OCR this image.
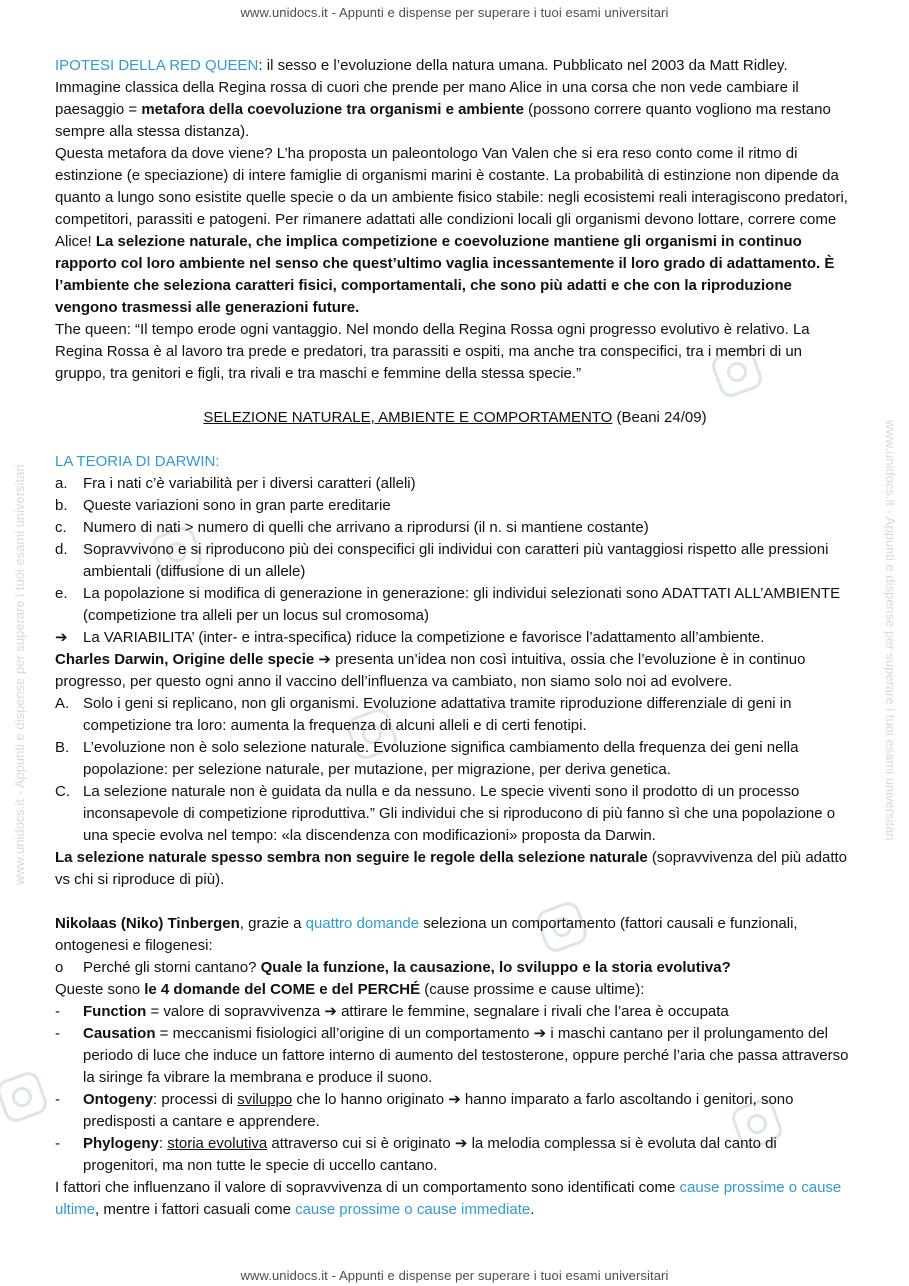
www.unidocs.it - Appunti e dispense per superare i tuoi esami universitari
www.unidocs.it - Appunti e dispense per superare i tuoi esami universitari	www.unidocs.it - Appunti e dispense per superare i tuoi esami universitari

IPOTESI DELLA RED QUEEN: il sesso e l’evoluzione della natura umana. Pubblicato nel 2003 da Matt Ridley.

Immagine classica della Regina rossa di cuori che prende per mano Alice in una corsa che non vede cambiare il

paesaggio = metafora della coevoluzione tra organismi e ambiente (possono correre quanto vogliono ma restano

sempre alla stessa distanza).

Questa metafora da dove viene? L’ha proposta un paleontologo Van Valen che si era reso conto come il ritmo di estinzione (e speciazione) di intere famiglie di organismi marini è costante. La probabilità di estinzione non dipende da quanto a lungo sono esistite quelle specie o da un ambiente fisico stabile: negli ecosistemi reali interagiscono predatori, competitori, parassiti e patogeni. Per rimanere adattati alle condizioni locali gli organismi devono lottare, correre come Alice! La selezione naturale, che implica competizione e coevoluzione mantiene gli organismi in continuo rapporto col loro ambiente nel senso che quest’ultimo vaglia incessantemente il loro grado di adattamento. È l’ambiente che seleziona caratteri fisici, comportamentali, che sono più adatti e che con la riproduzione vengono trasmessi alle generazioni future.

The queen: “Il tempo erode ogni vantaggio. Nel mondo della Regina Rossa ogni progresso evolutivo è relativo. La Regina Rossa è al lavoro tra prede e predatori, tra parassiti e ospiti, ma anche tra conspecifici, tra i membri di un gruppo, tra genitori e figli, tra rivali e tra maschi e femmine della stessa specie.”

SELEZIONE NATURALE, AMBIENTE E COMPORTAMENTO (Beani 24/09)

LA TEORIA DI DARWIN:

a. Fra i nati c’è variabilità per i diversi caratteri (alleli)
b. Queste variazioni sono in gran parte ereditarie
c. Numero di nati > numero di quelli che arrivano a riprodursi (il n. si mantiene costante)
d. Sopravvivono e si riproducono più dei conspecifici gli individui con caratteri più vantaggiosi rispetto alle pressioni ambientali (diffusione di un allele)
e. La popolazione si modifica di generazione in generazione: gli individui selezionati sono ADATTATI ALL’AMBIENTE (competizione tra alleli per un locus sul cromosoma)
➔ La VARIABILITA’ (inter- e intra-specifica) riduce la competizione e favorisce l’adattamento all’ambiente.

Charles Darwin, Origine delle specie ➔ presenta un’idea non così intuitiva, ossia che l’evoluzione è in continuo progresso, per questo ogni anno il vaccino dell’influenza va cambiato, non siamo solo noi ad evolvere.

A. Solo i geni si replicano, non gli organismi. Evoluzione adattativa tramite riproduzione differenziale di geni in competizione tra loro: aumenta la frequenza di alcuni alleli e di certi fenotipi.
B. L’evoluzione non è solo selezione naturale. Evoluzione significa cambiamento della frequenza dei geni nella popolazione: per selezione naturale, per mutazione, per migrazione, per deriva genetica.
C. La selezione naturale non è guidata da nulla e da nessuno. Le specie viventi sono il prodotto di un processo inconsapevole di competizione riproduttiva.” Gli individui che si riproducono di più fanno sì che una popolazione o una specie evolva nel tempo: «la discendenza con modificazioni» proposta da Darwin.

La selezione naturale spesso sembra non seguire le regole della selezione naturale (sopravvivenza del più adatto vs chi si riproduce di più).

Nikolaas (Niko) Tinbergen, grazie a quattro domande seleziona un comportamento (fattori causali e funzionali, ontogenesi e filogenesi:

o Perché gli storni cantano? Quale la funzione, la causazione, lo sviluppo e la storia evolutiva?

Queste sono le 4 domande del COME e del PERCHÉ (cause prossime e cause ultime):

- Function = valore di sopravvivenza ➔ attirare le femmine, segnalare i rivali che l’area è occupata
- Causation = meccanismi fisiologici all’origine di un comportamento ➔ i maschi cantano per il prolungamento del periodo di luce che induce un fattore interno di aumento del testosterone, oppure perché l’aria che passa attraverso la siringe fa vibrare la membrana e produce il suono.
- Ontogeny: processi di sviluppo che lo hanno originato ➔ hanno imparato a farlo ascoltando i genitori, sono predisposti a cantare e apprendere.
- Phylogeny: storia evolutiva attraverso cui si è originato ➔ la melodia complessa si è evoluta dal canto di progenitori, ma non tutte le specie di uccello cantano.

I fattori che influenzano il valore di sopravvivenza di un comportamento sono identificati come cause prossime o cause ultime, mentre i fattori casuali come cause prossime o cause immediate.

www.unidocs.it - Appunti e dispense per superare i tuoi esami universitari
